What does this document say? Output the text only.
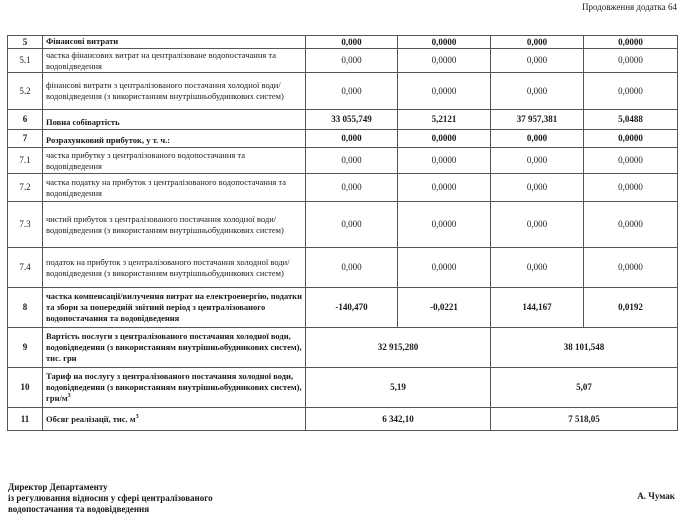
Продовження додатка 64
5	Фінансові витрати	0,000	0,0000	0,000	0,0000
5.1	частка фінансових витрат на централізоване водопостачання та водовідведення	0,000	0,0000	0,000	0,0000
5.2	фінансові витрати з централізованого постачання холодної води/водовідведення (з використанням внутрішньобудинкових систем)	0,000	0,0000	0,000	0,0000
6	Повна собівартість	33 055,749	5,2121	37 957,381	5,0488
7	Розрахунковий прибуток, у т. ч.:	0,000	0,0000	0,000	0,0000
7.1	частка прибутку з централізованого водопостачання та водовідведення	0,000	0,0000	0,000	0,0000
7.2	частка податку на прибуток з централізованого водопостачання та водовідведення	0,000	0,0000	0,000	0,0000
7.3	чистий прибуток з централізованого постачання холодної води/водовідведення (з використанням внутрішньобудинкових систем)	0,000	0,0000	0,000	0,0000
7.4	податок на прибуток з централізованого постачання холодної води/водовідведення (з використанням внутрішньобудинкових систем)	0,000	0,0000	0,000	0,0000
8	частка компенсації/вилучення витрат на електроенергію, податки та збори за попередній звітний період з централізованого водопостачання та водовідведення	-140,470	-0,0221	144,167	0,0192
9	Вартість послуги з централізованого постачання холодної води, водовідведення (з використанням внутрішньобудинкових систем), тис. грн	32 915,280		38 101,548	
10	Тариф на послугу з централізованого постачання холодної води, водовідведення (з використанням внутрішньобудинкових систем), грн/$м^3$	5,19		5,07	
11	Обсяг реалізації, тис. $м^3$	6 342,10		7 518,05	
Директор Департаменту
із регулювання відносин у сфері централізованого
водопостачання та водовідведення
А. Чумак
